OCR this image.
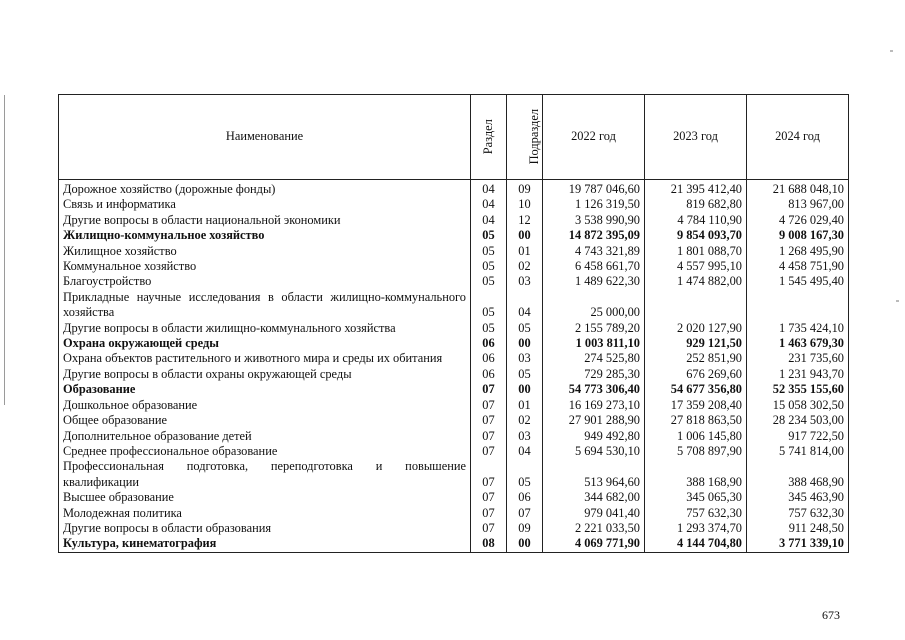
Наименование	Раздел	Подраздел	2022 год	2023 год	2024 год
Дорожное хозяйство (дорожные фонды)	04	09	19 787 046,60	21 395 412,40	21 688 048,10
Связь и информатика	04	10	1 126 319,50	819 682,80	813 967,00
Другие вопросы в области национальной экономики	04	12	3 538 990,90	4 784 110,90	4 726 029,40
Жилищно-коммунальное хозяйство	05	00	14 872 395,09	9 854 093,70	9 008 167,30
Жилищное хозяйство	05	01	4 743 321,89	1 801 088,70	1 268 495,90
Коммунальное хозяйство	05	02	6 458 661,70	4 557 995,10	4 458 751,90
Благоустройство	05	03	1 489 622,30	1 474 882,00	1 545 495,40
Прикладные научные исследования в области жилищно-коммунального хозяйства	05	04	25 000,00		
Другие вопросы в области жилищно-коммунального хозяйства	05	05	2 155 789,20	2 020 127,90	1 735 424,10
Охрана окружающей среды	06	00	1 003 811,10	929 121,50	1 463 679,30
Охрана объектов растительного и животного мира и среды их обитания	06	03	274 525,80	252 851,90	231 735,60
Другие вопросы в области охраны окружающей среды	06	05	729 285,30	676 269,60	1 231 943,70
Образование	07	00	54 773 306,40	54 677 356,80	52 355 155,60
Дошкольное образование	07	01	16 169 273,10	17 359 208,40	15 058 302,50
Общее образование	07	02	27 901 288,90	27 818 863,50	28 234 503,00
Дополнительное образование детей	07	03	949 492,80	1 006 145,80	917 722,50
Среднее профессиональное образование	07	04	5 694 530,10	5 708 897,90	5 741 814,00
Профессиональная подготовка, переподготовка и повышение квалификации	07	05	513 964,60	388 168,90	388 468,90
Высшее образование	07	06	344 682,00	345 065,30	345 463,90
Молодежная политика	07	07	979 041,40	757 632,30	757 632,30
Другие вопросы в области образования	07	09	2 221 033,50	1 293 374,70	911 248,50
Культура, кинематография	08	00	4 069 771,90	4 144 704,80	3 771 339,10
673
